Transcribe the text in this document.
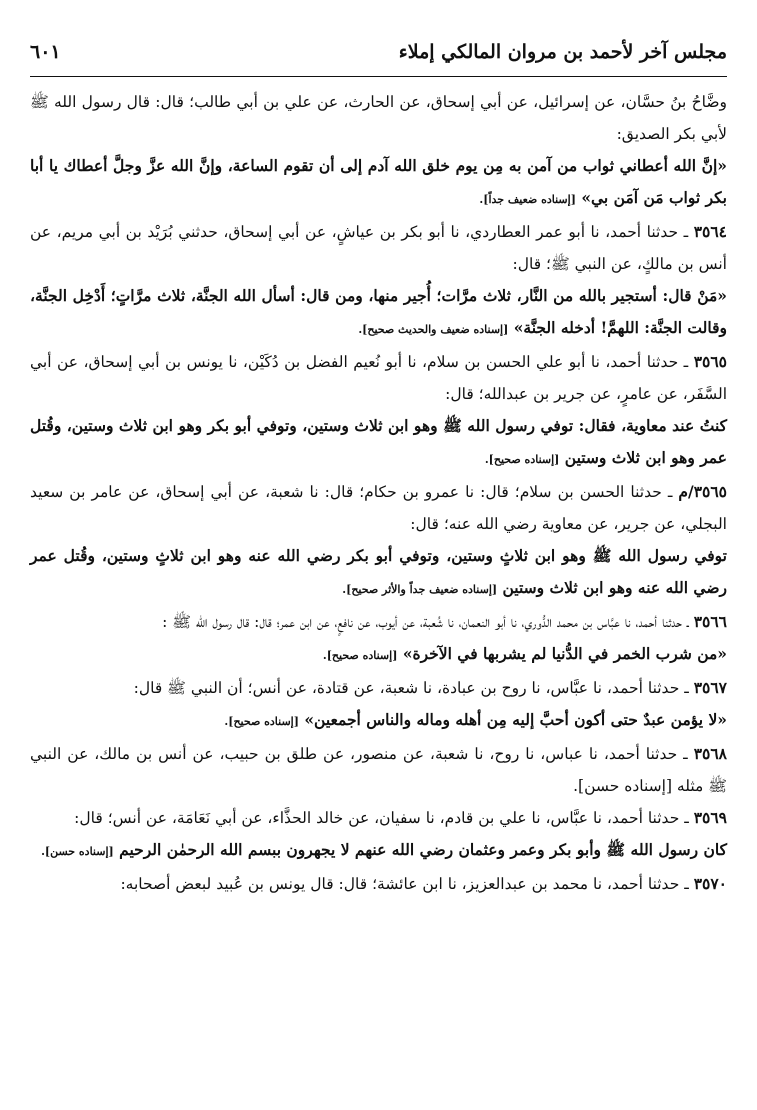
مجلس آخر لأحمد بن مروان المالكي إملاء
٦٠١

وضَّاحُ بنُ حسَّان، عن إسرائيل، عن أبي إسحاق، عن الحارث، عن علي بن أبي طالب؛ قال: قال رسول الله ﷺ لأبي بكر الصديق:

«إنَّ الله أعطاني ثواب من آمن به مِن يوم خلق الله آدم إلى أن تقوم الساعة، وإنَّ الله عزَّ وجلَّ أعطاك يا أبا بكر ثواب مَن آمَن بي» [إسناده ضعيف جداً].

٣٥٦٤ ـ حدثنا أحمد، نا أبو عمر العطاردي، نا أبو بكر بن عياشٍ، عن أبي إسحاق، حدثني بُرَيْد بن أبي مريم، عن أنس بن مالكٍ، عن النبي ﷺ؛ قال:

«مَنْ قال: أستجير بالله من النَّار، ثلاث مرَّات؛ أُجير منها، ومن قال: أسأل الله الجنَّة، ثلاث مرَّاتٍ؛ أَدْخِل الجنَّة، وقالت الجنَّة: اللهمَّ! أدخله الجنَّة» [إسناده ضعيف والحديث صحيح].

٣٥٦٥ ـ حدثنا أحمد، نا أبو علي الحسن بن سلام، نا أبو نُعيم الفضل بن دُكَيْن، نا يونس بن أبي إسحاق، عن أبي السَّفَر، عن عامرٍ، عن جرير بن عبدالله؛ قال:

كنتُ عند معاوية، فقال: توفي رسول الله ﷺ وهو ابن ثلاث وستين، وتوفي أبو بكر وهو ابن ثلاث وستين، وقُتل عمر وهو ابن ثلاث وستين [إسناده صحيح].

٣٥٦٥/م ـ حدثنا الحسن بن سلام؛ قال: نا عمرو بن حكام؛ قال: نا شعبة، عن أبي إسحاق، عن عامر بن سعيد البجلي، عن جرير، عن معاوية رضي الله عنه؛ قال:

توفي رسول الله ﷺ وهو ابن ثلاثٍ وستين، وتوفي أبو بكر رضي الله عنه وهو ابن ثلاثٍ وستين، وقُتل عمر رضي الله عنه وهو ابن ثلاث وستين [إسناده ضعيف جداً والأثر صحيح].

٣٥٦٦ ـ حدثنا أحمد، نا عبَّاس بن محمد الدُّوري، نا أبو النعمان، نا شُعبة، عن أيوب، عن نافعٍ، عن ابن عمر؛ قال: قال رسول الله ﷺ :

«من شرب الخمر في الدُّنيا لم يشربها في الآخرة» [إسناده صحيح].

٣٥٦٧ ـ حدثنا أحمد، نا عبَّاس، نا روح بن عبادة، نا شعبة، عن قتادة، عن أنس؛ أن النبي ﷺ قال:

«لا يؤمن عبدٌ حتى أكون أحبَّ إليه مِن أهله وماله والناس أجمعين» [إسناده صحيح].

٣٥٦٨ ـ حدثنا أحمد، نا عباس، نا روح، نا شعبة، عن منصور، عن طلق بن حبيب، عن أنس بن مالك، عن النبي ﷺ مثله [إسناده حسن].

٣٥٦٩ ـ حدثنا أحمد، نا عبَّاس، نا علي بن قادم، نا سفيان، عن خالد الحذَّاء، عن أبي نَعَامَة، عن أنس؛ قال:

كان رسول الله ﷺ وأبو بكر وعمر وعثمان رضي الله عنهم لا يجهرون ببسم الله الرحمٰن الرحيم [إسناده حسن].

٣٥٧٠ ـ حدثنا أحمد، نا محمد بن عبدالعزيز، نا ابن عائشة؛ قال: قال يونس بن عُبيد لبعض أصحابه:
